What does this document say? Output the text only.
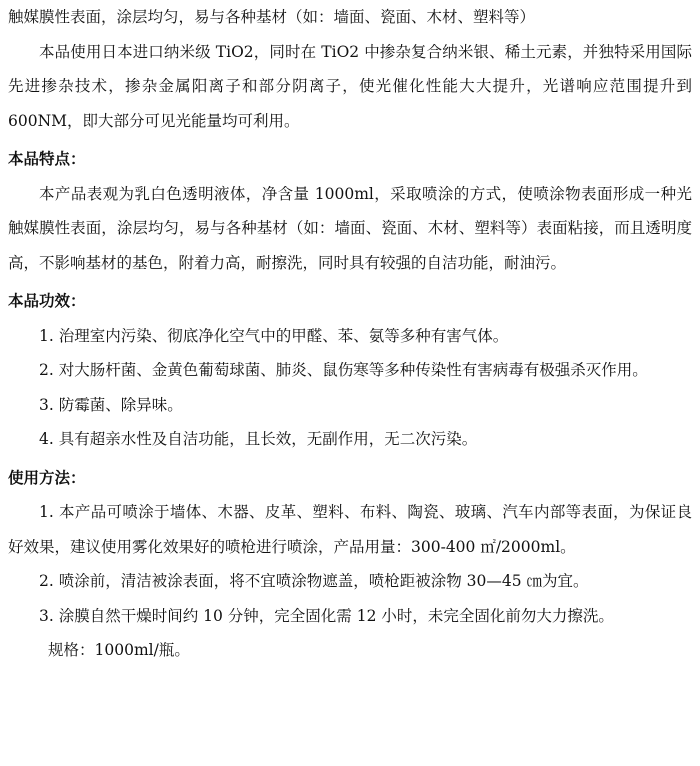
触媒膜性表面，涂层均匀，易与各种基材（如：墙面、瓷面、木材、塑料等）

本品使用日本进口纳米级 TiO2，同时在 TiO2 中掺杂复合纳米银、稀土元素，并独特采用国际先进掺杂技术，掺杂金属阳离子和部分阴离子，使光催化性能大大提升，光谱响应范围提升到 600NM，即大部分可见光能量均可利用。

本品特点：

本产品表观为乳白色透明液体，净含量 1000ml，采取喷涂的方式，使喷涂物表面形成一种光触媒膜性表面，涂层均匀，易与各种基材（如：墙面、瓷面、木材、塑料等）表面粘接，而且透明度高，不影响基材的基色，附着力高，耐擦洗，同时具有较强的自洁功能，耐油污。

本品功效：

1. 治理室内污染、彻底净化空气中的甲醛、苯、氨等多种有害气体。

2. 对大肠杆菌、金黄色葡萄球菌、肺炎、鼠伤寒等多种传染性有害病毒有极强杀灭作用。

3. 防霉菌、除异味。

4. 具有超亲水性及自洁功能，且长效，无副作用，无二次污染。

使用方法：

1. 本产品可喷涂于墙体、木器、皮革、塑料、布料、陶瓷、玻璃、汽车内部等表面，为保证良好效果，建议使用雾化效果好的喷枪进行喷涂，产品用量：300-400 ㎡/2000ml。

2. 喷涂前，清洁被涂表面，将不宜喷涂物遮盖，喷枪距被涂物 30—45 ㎝为宜。

3. 涂膜自然干燥时间约 10 分钟，完全固化需 12 小时，未完全固化前勿大力擦洗。

规格：1000ml/瓶。
